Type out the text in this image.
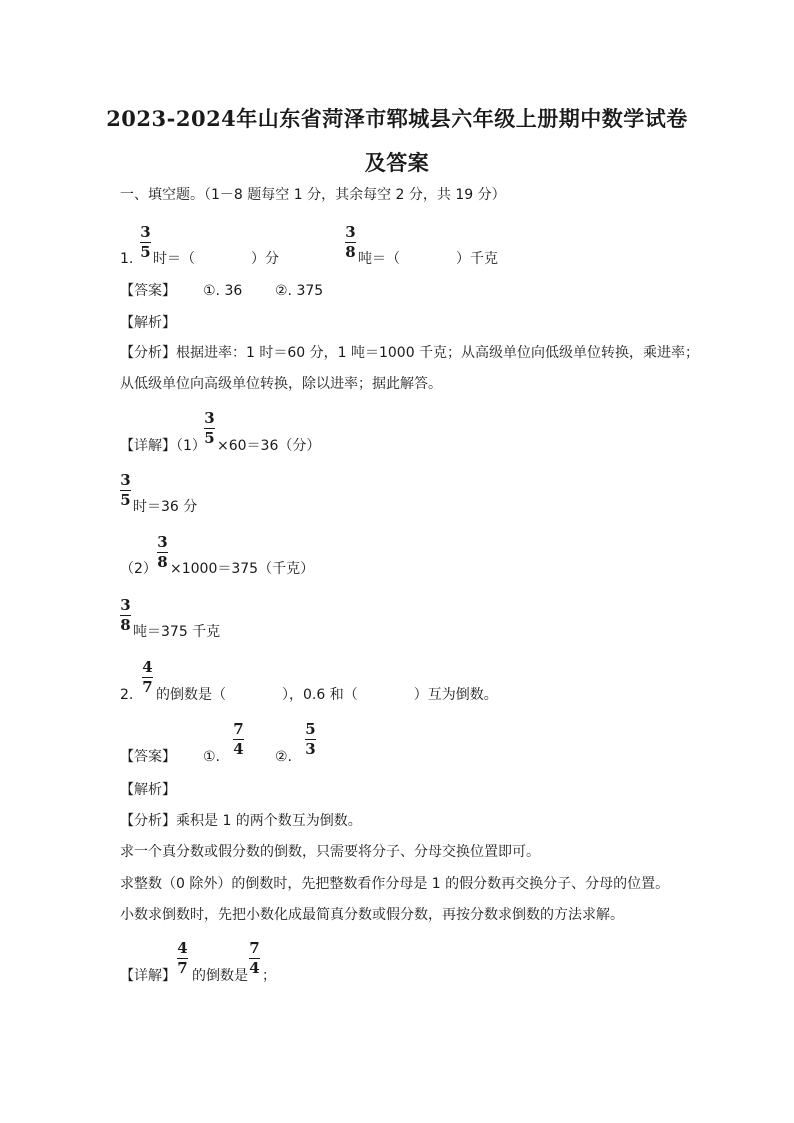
2023-2024年山东省菏泽市郓城县六年级上册期中数学试卷
及答案
一、填空题。（1－8 题每空 1 分，其余每空 2 分，共 19 分）
1.
3
5 时＝（　　　　）分
3
8 吨＝（　　　　）千克
【答案】 ①. 36 ②. 375
【解析】
【分析】根据进率：1 时＝60 分，1 吨＝1000 千克；从高级单位向低级单位转换，乘进率；
从低级单位向高级单位转换，除以进率；据此解答。
【详解】（1）
3
5 ×60＝36（分）
3
5 时＝36 分
（2）
3
8 ×1000＝375（千克）
3
8 吨＝375 千克
2.
4
7 的倒数是（　　　　），0.6 和（　　　　）互为倒数。
【答案】 ①.
7
4 ②.
5
3
【解析】
【分析】乘积是 1 的两个数互为倒数。
求一个真分数或假分数的倒数，只需要将分子、分母交换位置即可。
求整数（0 除外）的倒数时，先把整数看作分母是 1 的假分数再交换分子、分母的位置。
小数求倒数时，先把小数化成最简真分数或假分数，再按分数求倒数的方法求解。
【详解】
4
7 的倒数是
7
4 ；
